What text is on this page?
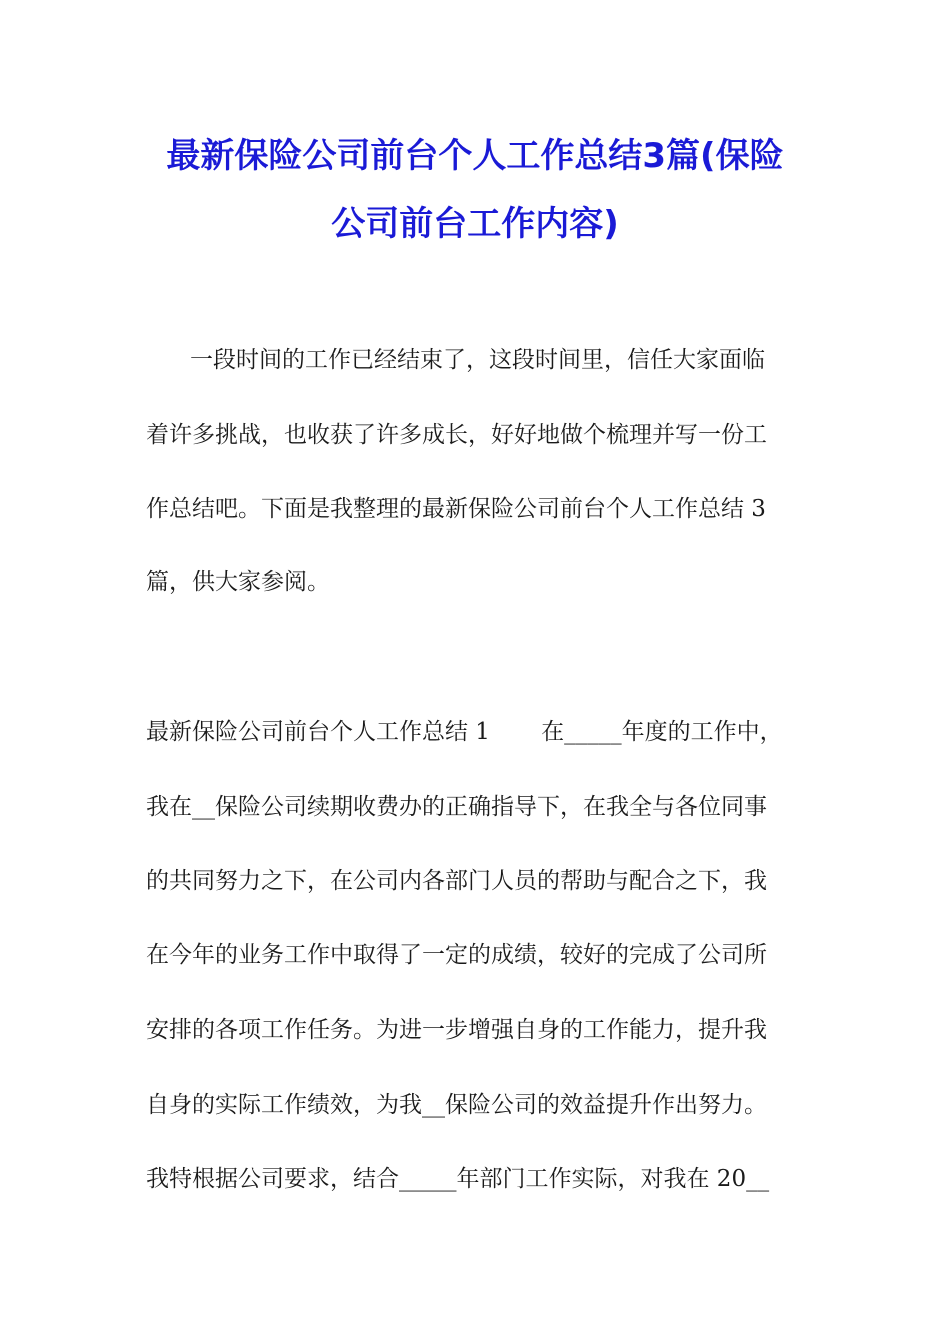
最新保险公司前台个人工作总结3篇(保险
公司前台工作内容)
一段时间的工作已经结束了，这段时间里，信任大家面临
着许多挑战，也收获了许多成长，好好地做个梳理并写一份工
作总结吧。下面是我整理的最新保险公司前台个人工作总结 3
篇，供大家参阅。
最新保险公司前台个人工作总结 1       在_____年度的工作中，
我在__保险公司续期收费办的正确指导下，在我全与各位同事
的共同努力之下，在公司内各部门人员的帮助与配合之下，我
在今年的业务工作中取得了一定的成绩，较好的完成了公司所
安排的各项工作任务。为进一步增强自身的工作能力，提升我
自身的实际工作绩效，为我__保险公司的效益提升作出努力。
我特根据公司要求，结合_____年部门工作实际，对我在 20__
